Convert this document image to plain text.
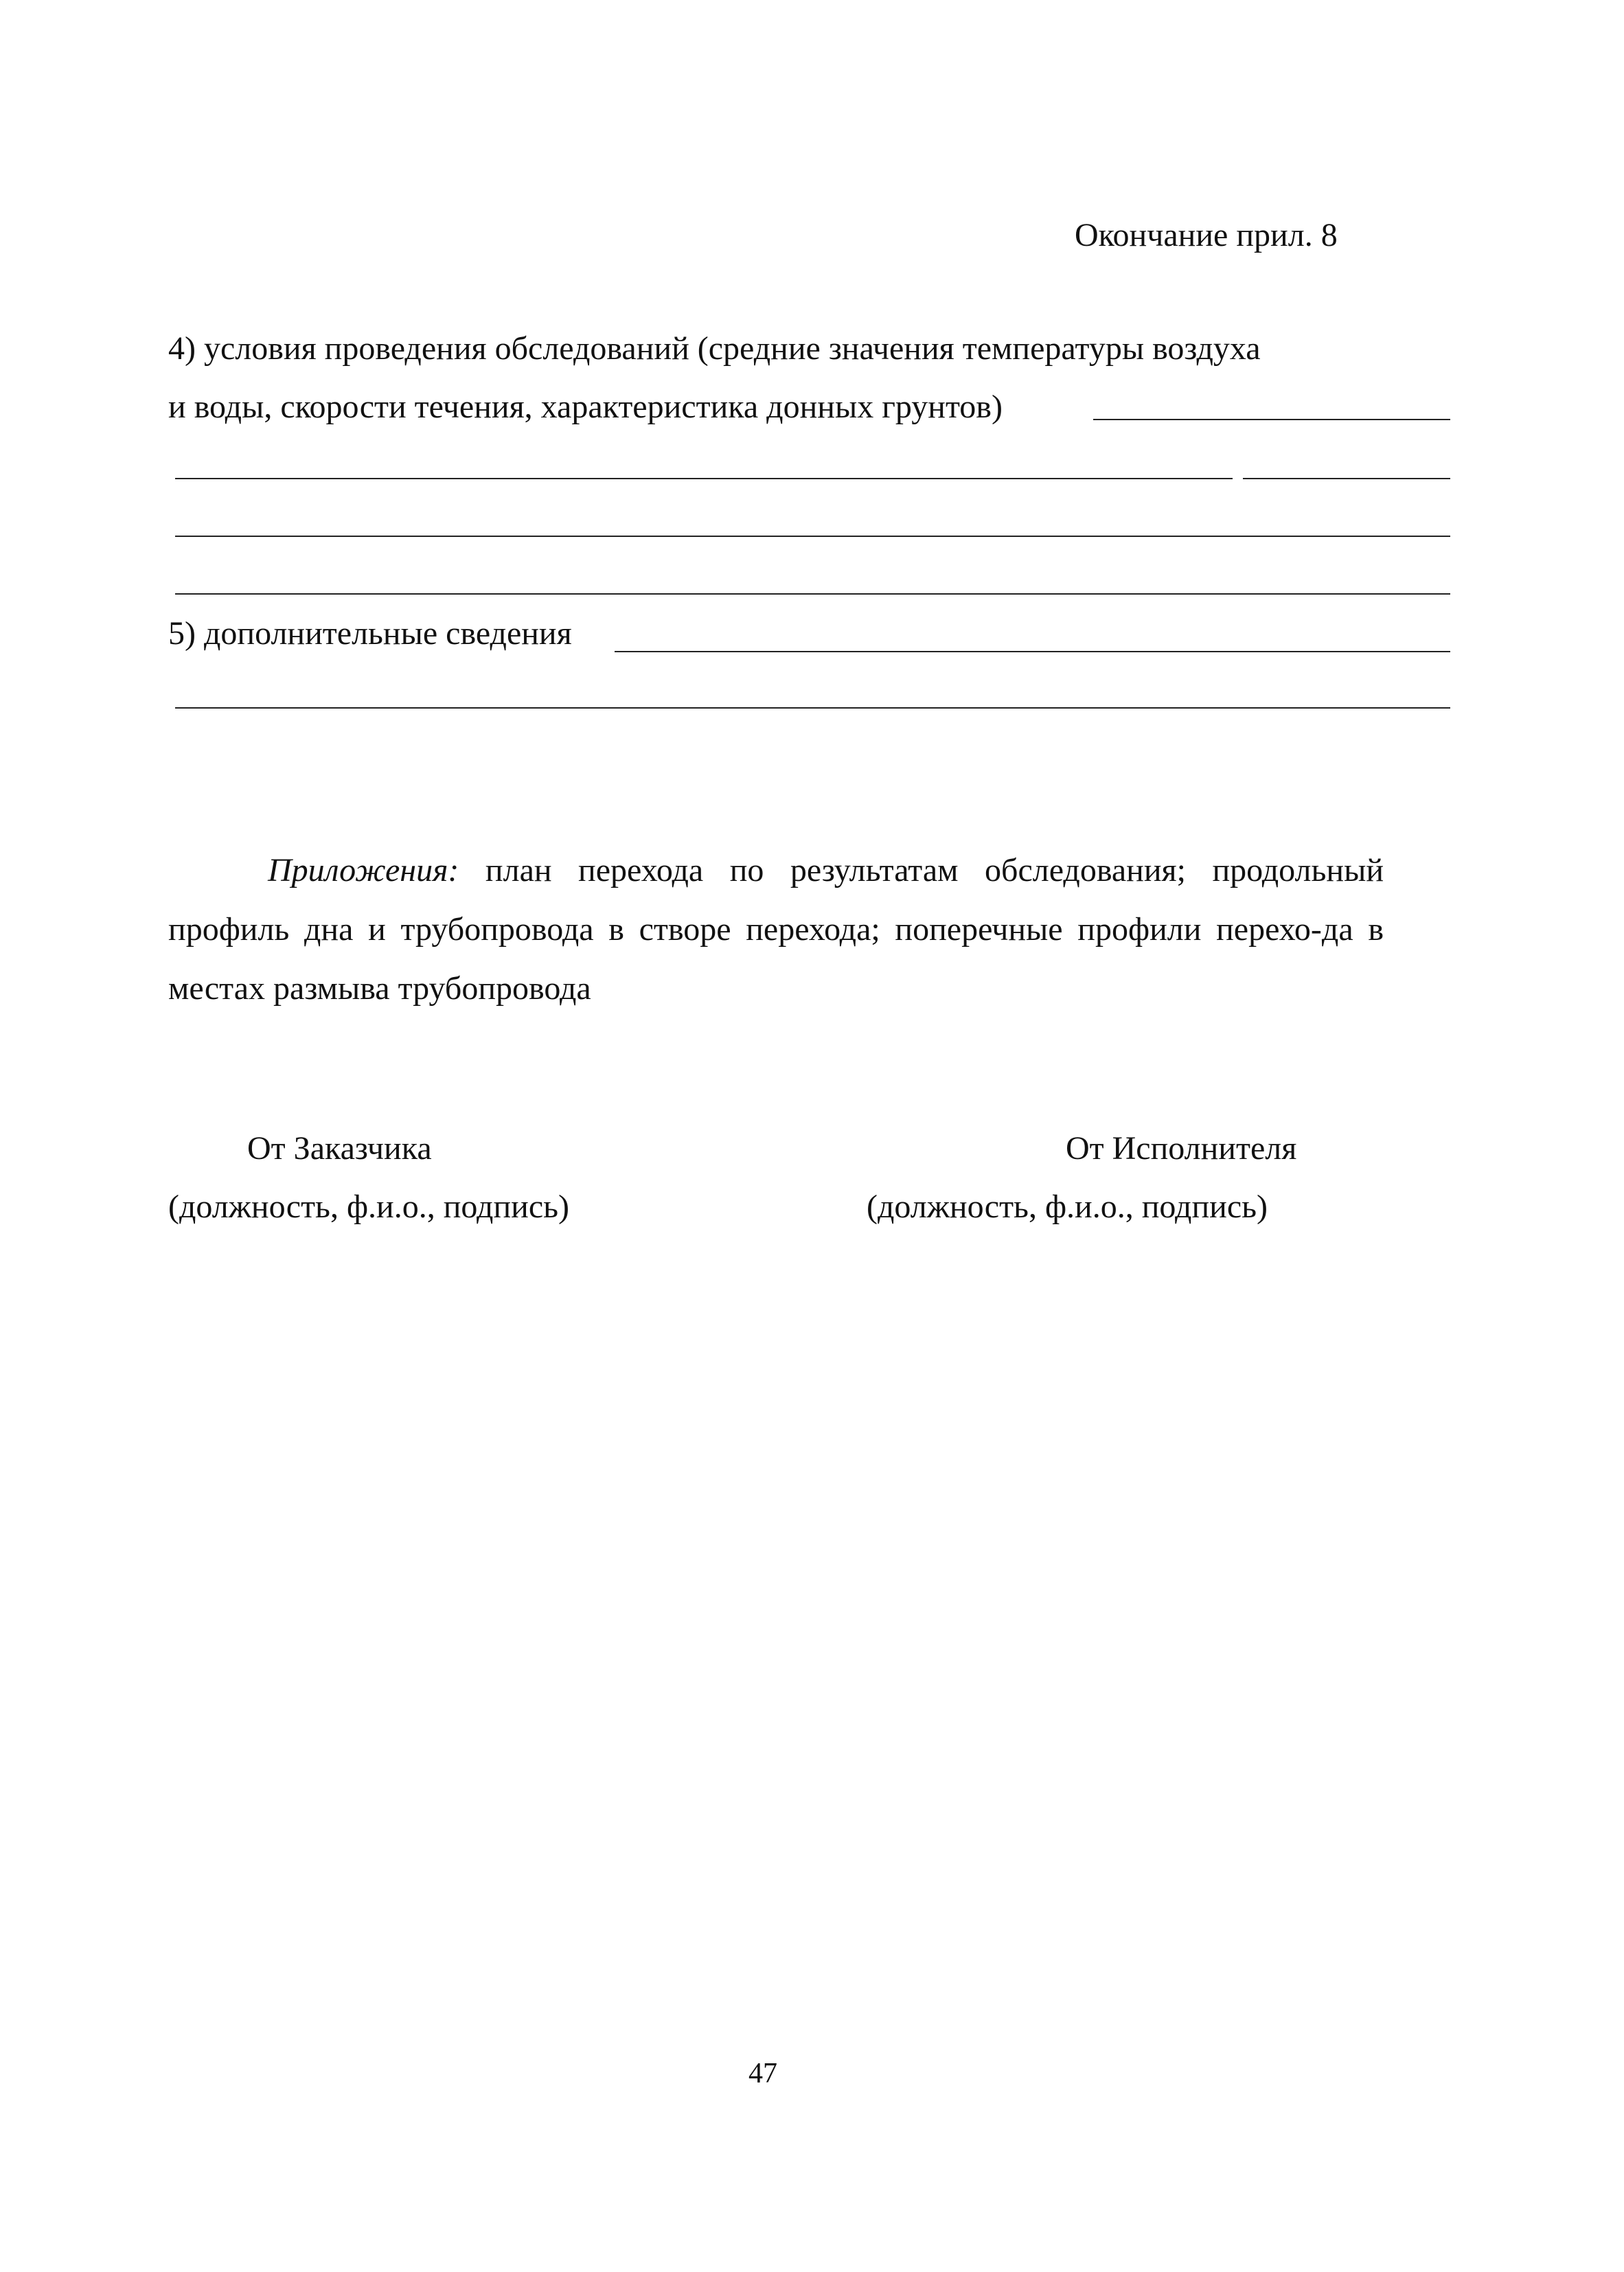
Окончание прил. 8
4) условия проведения обследований (средние значения температуры воздуха
и воды, скорости течения, характеристика донных грунтов)
5) дополнительные сведения
Приложения: план перехода по результатам обследования; продольный профиль дна и трубопровода в створе перехода; поперечные профили перехо-да в местах размыва трубопровода
От Заказчика	От Исполнителя
(должность, ф.и.о., подпись)	(должность, ф.и.о., подпись)
47
